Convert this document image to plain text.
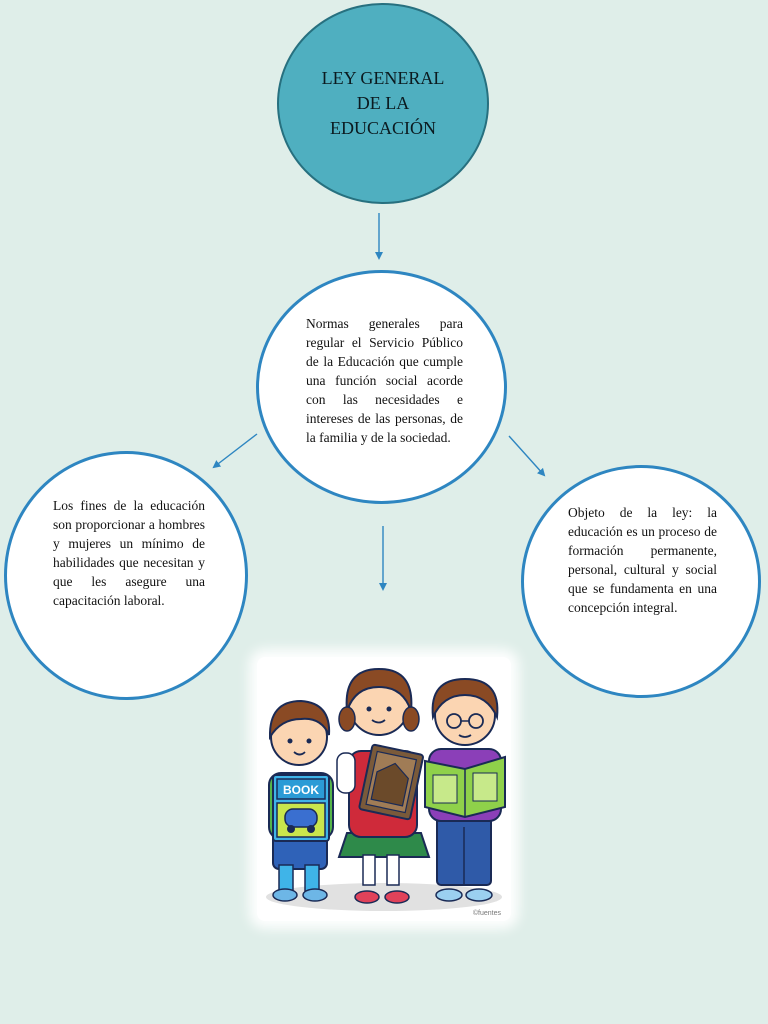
LEY GENERAL DE LA EDUCACIÓN
Normas generales para regular el Servicio Público de la Educación que cumple una función social acorde con las necesidades e intereses de las personas, de la familia y de la sociedad.
Los fines de la educación son proporcionar a hombres y mujeres un mínimo de habilidades que necesitan y que les asegure una capacitación laboral.
Objeto de la ley: la educación es un proceso de formación permanente, personal, cultural y social que se fundamenta en una concepción integral.
BOOK
©fuentes
